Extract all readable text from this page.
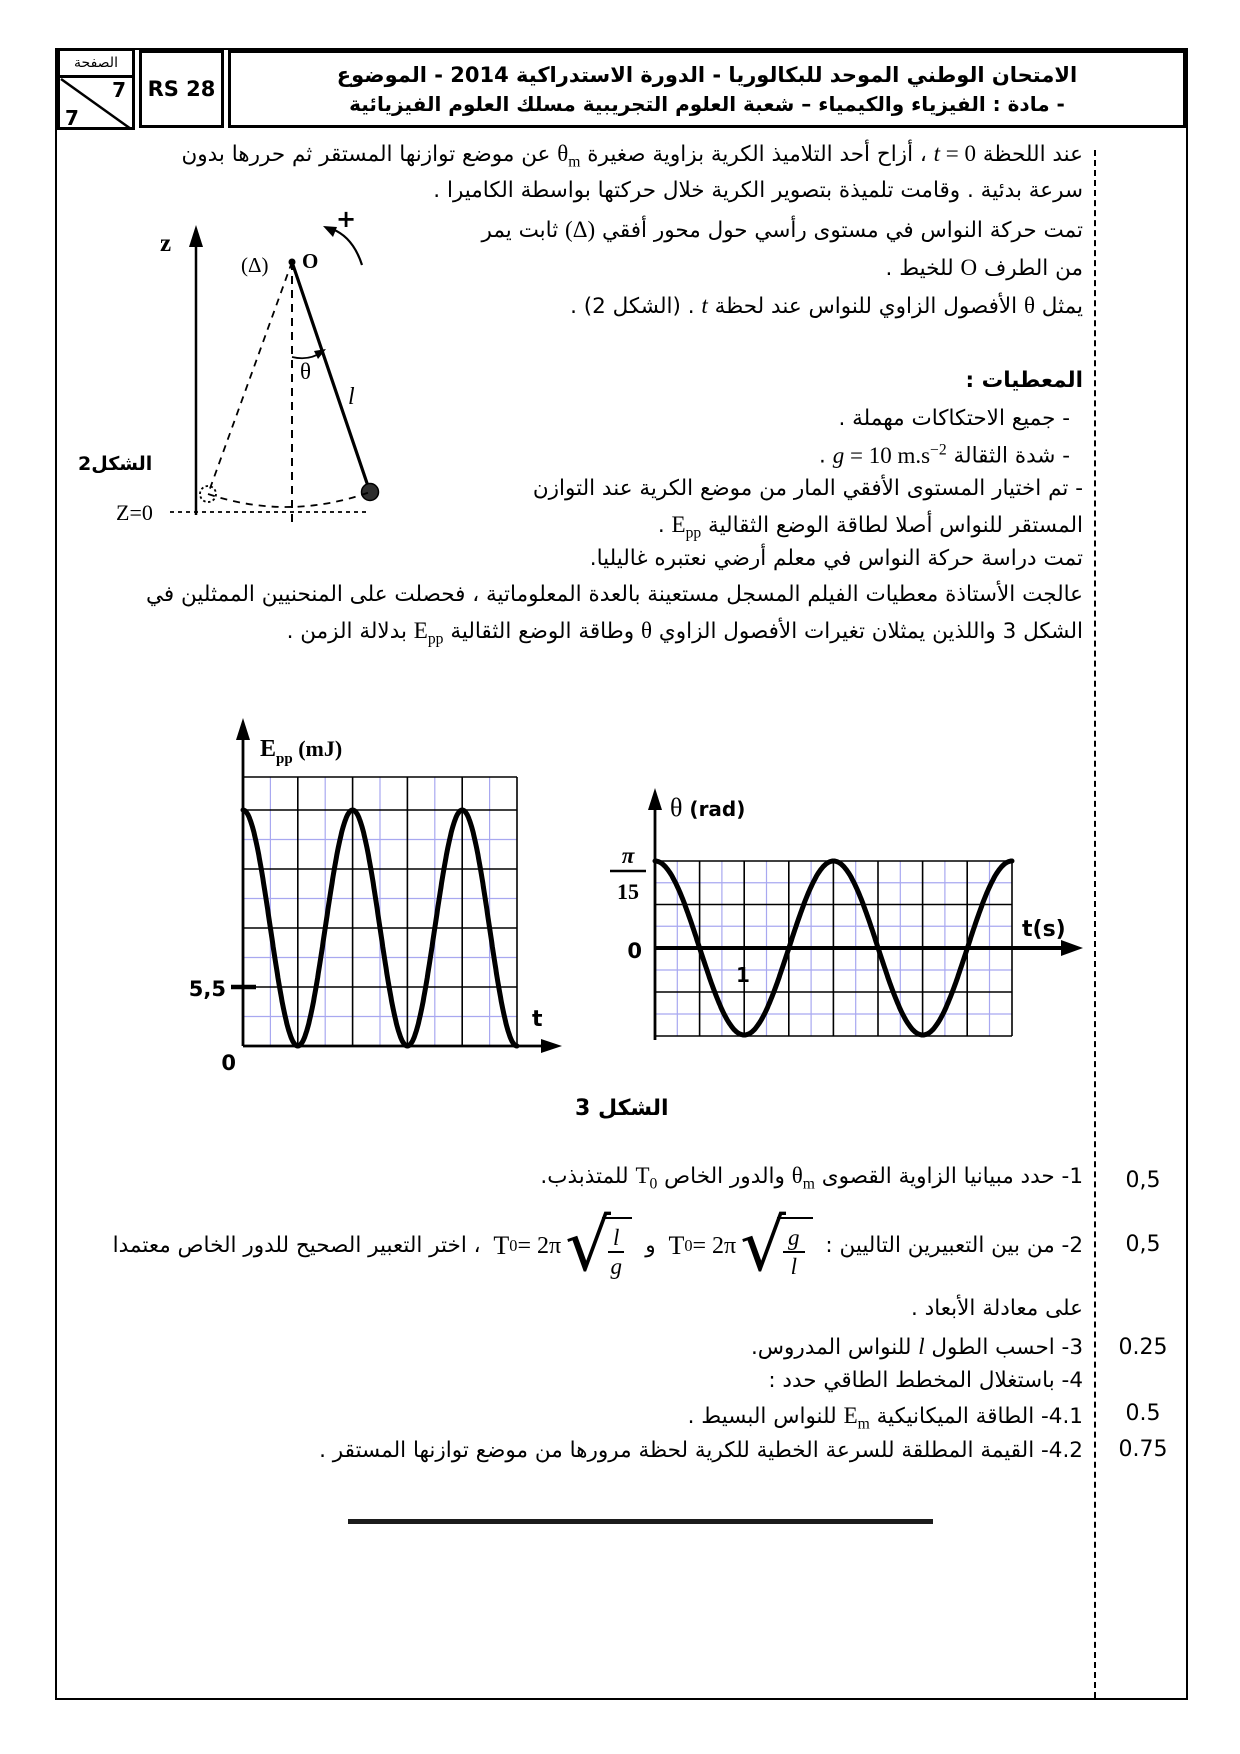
الصفحة
7
7
RS 28
الامتحان الوطني الموحد للبكالوريا - الدورة الاستدراكية 2014 - الموضوع
- مادة : الفيزياء والكيمياء – شعبة العلوم التجريبية مسلك العلوم الفيزيائية
عند اللحظة t = 0 ، أزاح أحد التلاميذ الكرية بزاوية صغيرة $\theta_m$ عن موضع توازنها المستقر ثم حررها بدون
سرعة بدئية . وقامت تلميذة بتصوير الكرية خلال حركتها بواسطة الكاميرا .
تمت حركة النواس في مستوى رأسي حول محور أفقي (Δ) ثابت يمر
من الطرف O للخيط .
يمثل θ الأفصول الزاوي للنواس عند لحظة t . (الشكل 2) .
z
(Δ) O
θ
l
+
الشكل2
Z=0
المعطيات :
- جميع الاحتكاكات مهملة .
- شدة الثقالة g = 10 $m.s^{-2}$ .
- تم اختيار المستوى الأفقي المار من موضع الكرية عند التوازن
المستقر للنواس أصلا لطاقة الوضع الثقالية $E_{pp}$ .
تمت دراسة حركة النواس في معلم أرضي نعتبره غاليليا.
عالجت الأستاذة معطيات الفيلم المسجل مستعينة بالعدة المعلوماتية ، فحصلت على المنحنيين الممثلين في
الشكل 3 واللذين يمثلان تغيرات الأفصول الزاوي θ وطاقة الوضع الثقالية $E_{pp}$ بدلالة الزمن .
$E_{pp}$ (mJ)
t
5,5
0
θ (rad)
t(s)
π
15
0
1
الشكل 3
1- حدد مبيانيا الزاوية القصوى $\theta_m$ والدور الخاص $T_0$ للمتذبذب.
2- من بين التعبيرين التاليين :
T 0 = 2π √
$\frac{g}{l}$
و
T 0 = 2π √
$\frac{l}{g}$
، اختر التعبير الصحيح للدور الخاص معتمدا
على معادلة الأبعاد .
3- احسب الطول l للنواس المدروس.
4- باستغلال المخطط الطاقي حدد :
4.1- الطاقة الميكانيكية $E_m$ للنواس البسيط .
4.2- القيمة المطلقة للسرعة الخطية للكرية لحظة مرورها من موضع توازنها المستقر .
0,5
0,5
0.25
0.5
0.75
